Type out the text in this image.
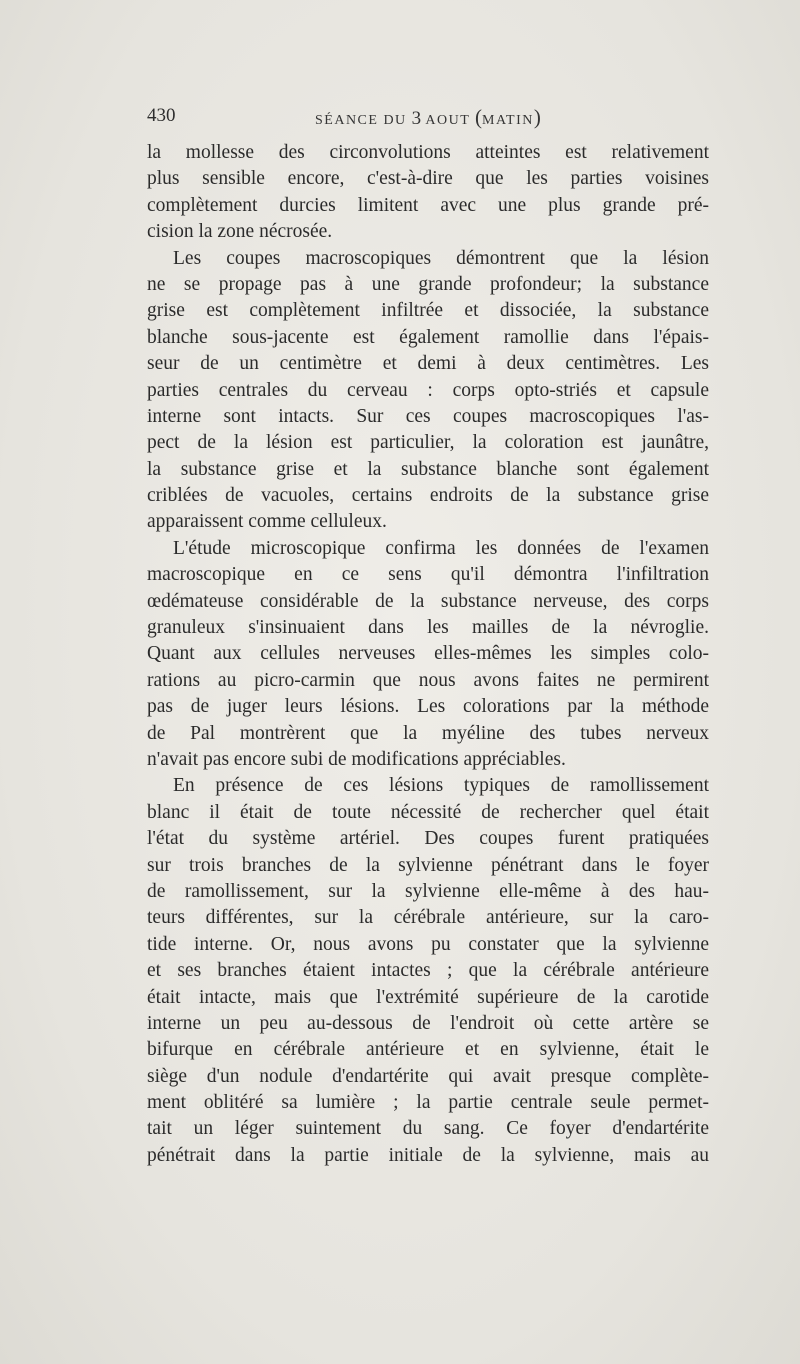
430	SÉANCE DU 3 AOUT (MATIN)
la mollesse des circonvolutions atteintes est relativement
plus sensible encore, c'est-à-dire que les parties voisines
complètement durcies limitent avec une plus grande pré-
cision la zone nécrosée.
Les coupes macroscopiques démontrent que la lésion
ne se propage pas à une grande profondeur; la substance
grise est complètement infiltrée et dissociée, la substance
blanche sous-jacente est également ramollie dans l'épais-
seur de un centimètre et demi à deux centimètres. Les
parties centrales du cerveau : corps opto-striés et capsule
interne sont intacts. Sur ces coupes macroscopiques l'as-
pect de la lésion est particulier, la coloration est jaunâtre,
la substance grise et la substance blanche sont également
criblées de vacuoles, certains endroits de la substance grise
apparaissent comme celluleux.
L'étude microscopique confirma les données de l'examen
macroscopique en ce sens qu'il démontra l'infiltration
œdémateuse considérable de la substance nerveuse, des corps
granuleux s'insinuaient dans les mailles de la névroglie.
Quant aux cellules nerveuses elles-mêmes les simples colo-
rations au picro-carmin que nous avons faites ne permirent
pas de juger leurs lésions. Les colorations par la méthode
de Pal montrèrent que la myéline des tubes nerveux
n'avait pas encore subi de modifications appréciables.
En présence de ces lésions typiques de ramollissement
blanc il était de toute nécessité de rechercher quel était
l'état du système artériel. Des coupes furent pratiquées
sur trois branches de la sylvienne pénétrant dans le foyer
de ramollissement, sur la sylvienne elle-même à des hau-
teurs différentes, sur la cérébrale antérieure, sur la caro-
tide interne. Or, nous avons pu constater que la sylvienne
et ses branches étaient intactes ; que la cérébrale antérieure
était intacte, mais que l'extrémité supérieure de la carotide
interne un peu au-dessous de l'endroit où cette artère se
bifurque en cérébrale antérieure et en sylvienne, était le
siège d'un nodule d'endartérite qui avait presque complète-
ment oblitéré sa lumière ; la partie centrale seule permet-
tait un léger suintement du sang. Ce foyer d'endartérite
pénétrait dans la partie initiale de la sylvienne, mais au
